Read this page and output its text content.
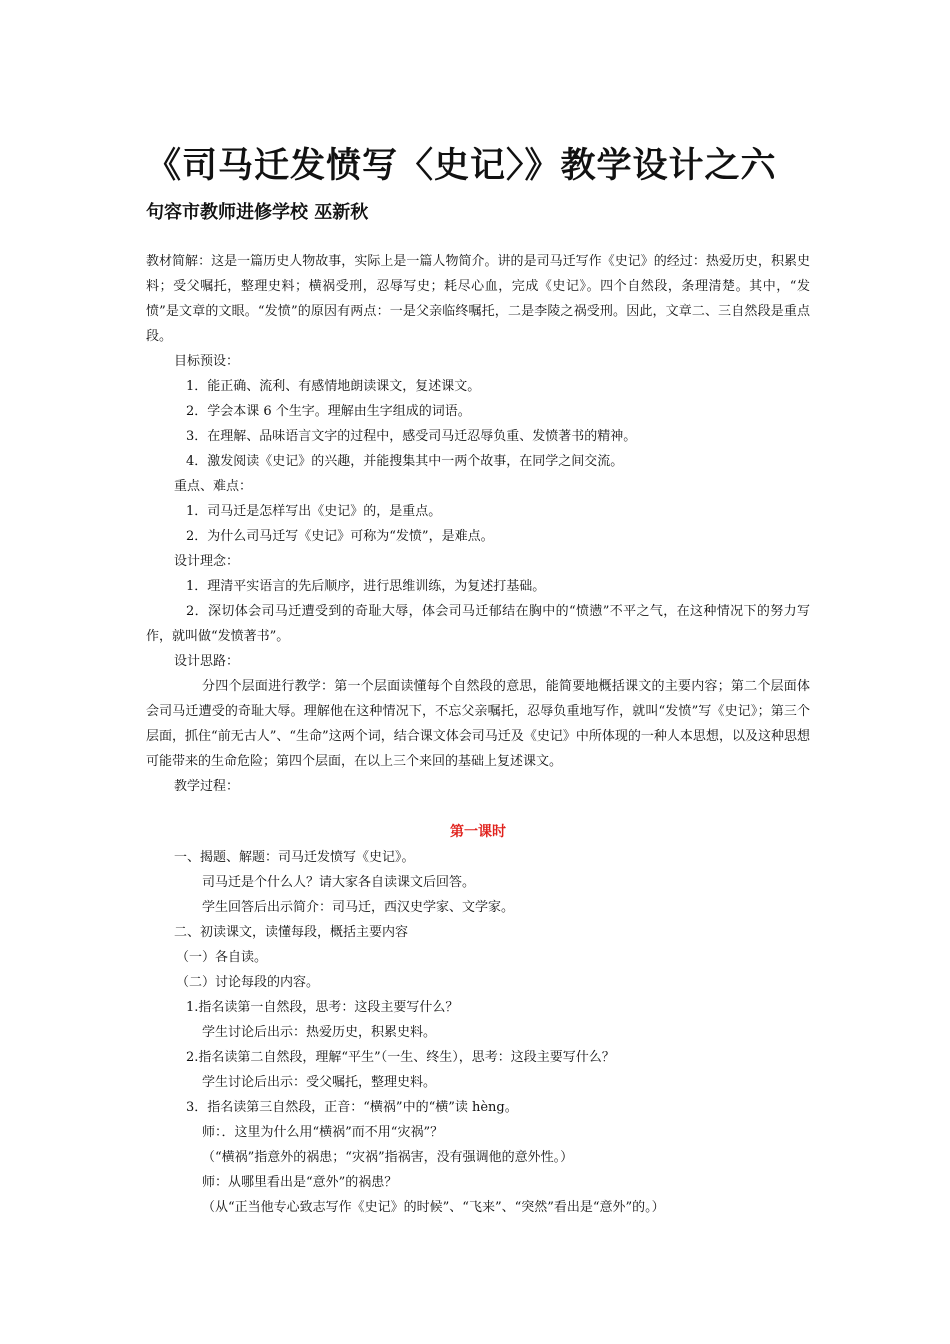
《司马迁发愤写〈史记〉》教学设计之六
句容市教师进修学校 巫新秋

教材简解：这是一篇历史人物故事，实际上是一篇人物简介。讲的是司马迁写作《史记》的经过：热爱历史，积累史料；受父嘱托，整理史料；横祸受刑，忍辱写史；耗尽心血，完成《史记》。四个自然段，条理清楚。其中，“发愤”是文章的文眼。“发愤”的原因有两点：一是父亲临终嘱托，二是李陵之祸受刑。因此，文章二、三自然段是重点段。

目标预设：

1．能正确、流利、有感情地朗读课文，复述课文。

2．学会本课 6 个生字。理解由生字组成的词语。

3．在理解、品味语言文字的过程中，感受司马迁忍辱负重、发愤著书的精神。

4．激发阅读《史记》的兴趣，并能搜集其中一两个故事，在同学之间交流。

重点、难点：

1．司马迁是怎样写出《史记》的，是重点。

2．为什么司马迁写《史记》可称为“发愤”，是难点。

设计理念：

1．理清平实语言的先后顺序，进行思维训练，为复述打基础。

2．深切体会司马迁遭受到的奇耻大辱，体会司马迁郁结在胸中的“愤懑”不平之气，在这种情况下的努力写作，就叫做“发愤著书”。

设计思路：

分四个层面进行教学：第一个层面读懂每个自然段的意思，能简要地概括课文的主要内容；第二个层面体会司马迁遭受的奇耻大辱。理解他在这种情况下，不忘父亲嘱托，忍辱负重地写作，就叫“发愤”写《史记》；第三个层面，抓住“前无古人”、“生命”这两个词，结合课文体会司马迁及《史记》中所体现的一种人本思想，以及这种思想可能带来的生命危险；第四个层面，在以上三个来回的基础上复述课文。

教学过程：

第一课时

一、揭题、解题：司马迁发愤写《史记》。

司马迁是个什么人？请大家各自读课文后回答。

学生回答后出示简介：司马迁，西汉史学家、文学家。

二、初读课文，读懂每段，概括主要内容

（一）各自读。

（二）讨论每段的内容。

1.指名读第一自然段，思考：这段主要写什么？

学生讨论后出示：热爱历史，积累史料。

2.指名读第二自然段，理解“平生”（一生、终生），思考：这段主要写什么？

学生讨论后出示：受父嘱托，整理史料。

3．指名读第三自然段，正音：“横祸”中的“横”读 hèng。

师：．这里为什么用“横祸”而不用“灾祸”？

（“横祸”指意外的祸患；“灾祸”指祸害，没有强调他的意外性。）

师：从哪里看出是“意外”的祸患？

（从“正当他专心致志写作《史记》的时候”、“飞来”、“突然”看出是“意外”的。）
